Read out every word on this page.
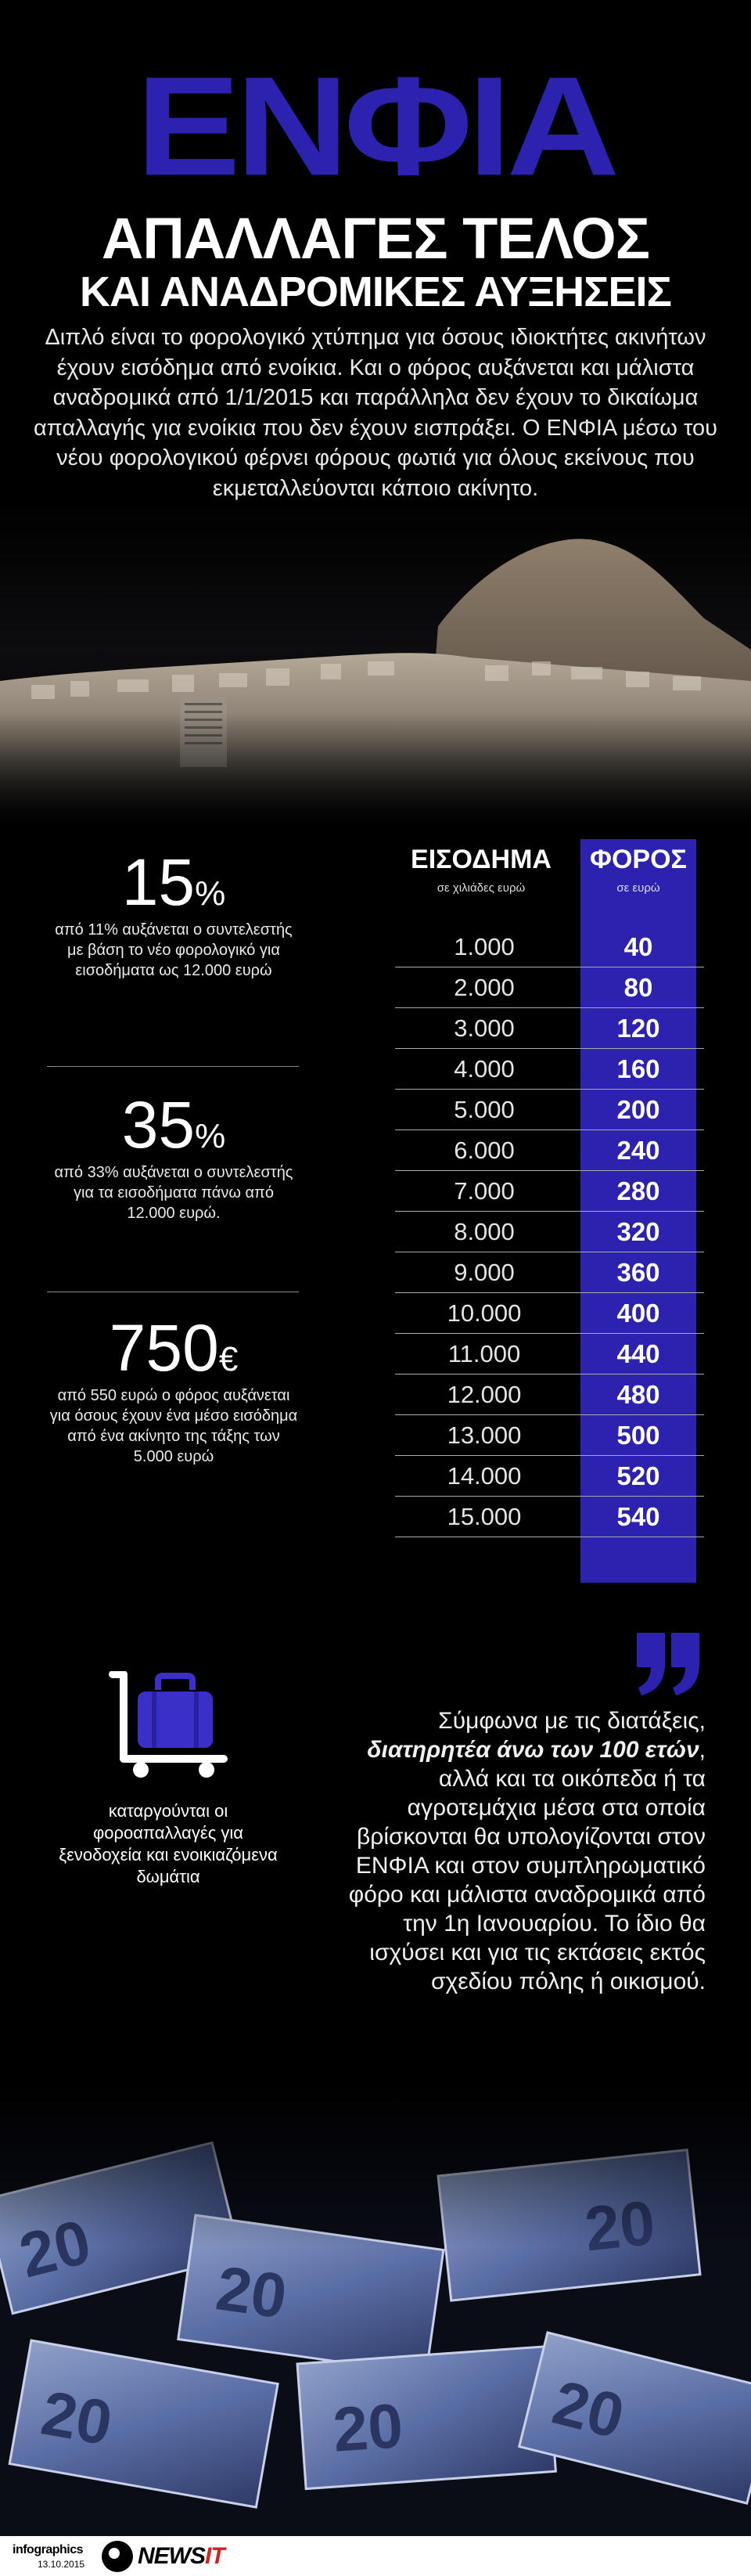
ΕΝΦΙΑ
ΑΠΑΛΛΑΓΕΣ ΤΕΛΟΣ
ΚΑΙ ΑΝΑΔΡΟΜΙΚΕΣ ΑΥΞΗΣΕΙΣ
Διπλό είναι το φορολογικό χτύπημα για όσους ιδιοκτήτες ακινήτων έχουν εισόδημα από ενοίκια. Και ο φόρος αυξάνεται και μάλιστα αναδρομικά από 1/1/2015 και παράλληλα δεν έχουν το δικαίωμα απαλλαγής για ενοίκια που δεν έχουν εισπράξει. Ο ΕΝΦΙΑ μέσω του νέου φορολογικού φέρνει φόρους φωτιά για όλους εκείνους που εκμεταλλεύονται κάποιο ακίνητο.
15%
από 11% αυξάνεται ο συντελεστής με βάση το νέο φορολογικό για εισοδήματα ως 12.000 ευρώ
35%
από 33% αυξάνεται ο συντελεστής για τα εισοδήματα πάνω από 12.000 ευρώ.
750€
από 550 ευρώ ο φόρος αυξάνεται για όσους έχουν ένα μέσο εισόδημα από ένα ακίνητο της τάξης των 5.000 ευρώ
ΕΙΣΟΔΗΜΑ
σε χιλιάδες ευρώ
ΦΟΡΟΣ
σε ευρώ
1.000	40
2.000	80
3.000	120
4.000	160
5.000	200
6.000	240
7.000	280
8.000	320
9.000	360
10.000	400
11.000	440
12.000	480
13.000	500
14.000	520
15.000	540
καταργούνται οι φοροαπαλλαγές για ξενοδοχεία και ενοικιαζόμενα δωμάτια
Σύμφωνα με τις διατάξεις, διατηρητέα άνω των 100 ετών, αλλά και τα οικόπεδα ή τα αγροτεμάχια μέσα στα οποία βρίσκονται θα υπολογίζονται στον ΕΝΦΙΑ και στον συμπληρωματικό φόρο και μάλιστα αναδρομικά από την 1η Ιανουαρίου. Το ίδιο θα ισχύσει και για τις εκτάσεις εκτός σχεδίου πόλης ή οικισμού.
infographics
13.10.2015 NEWSIT
